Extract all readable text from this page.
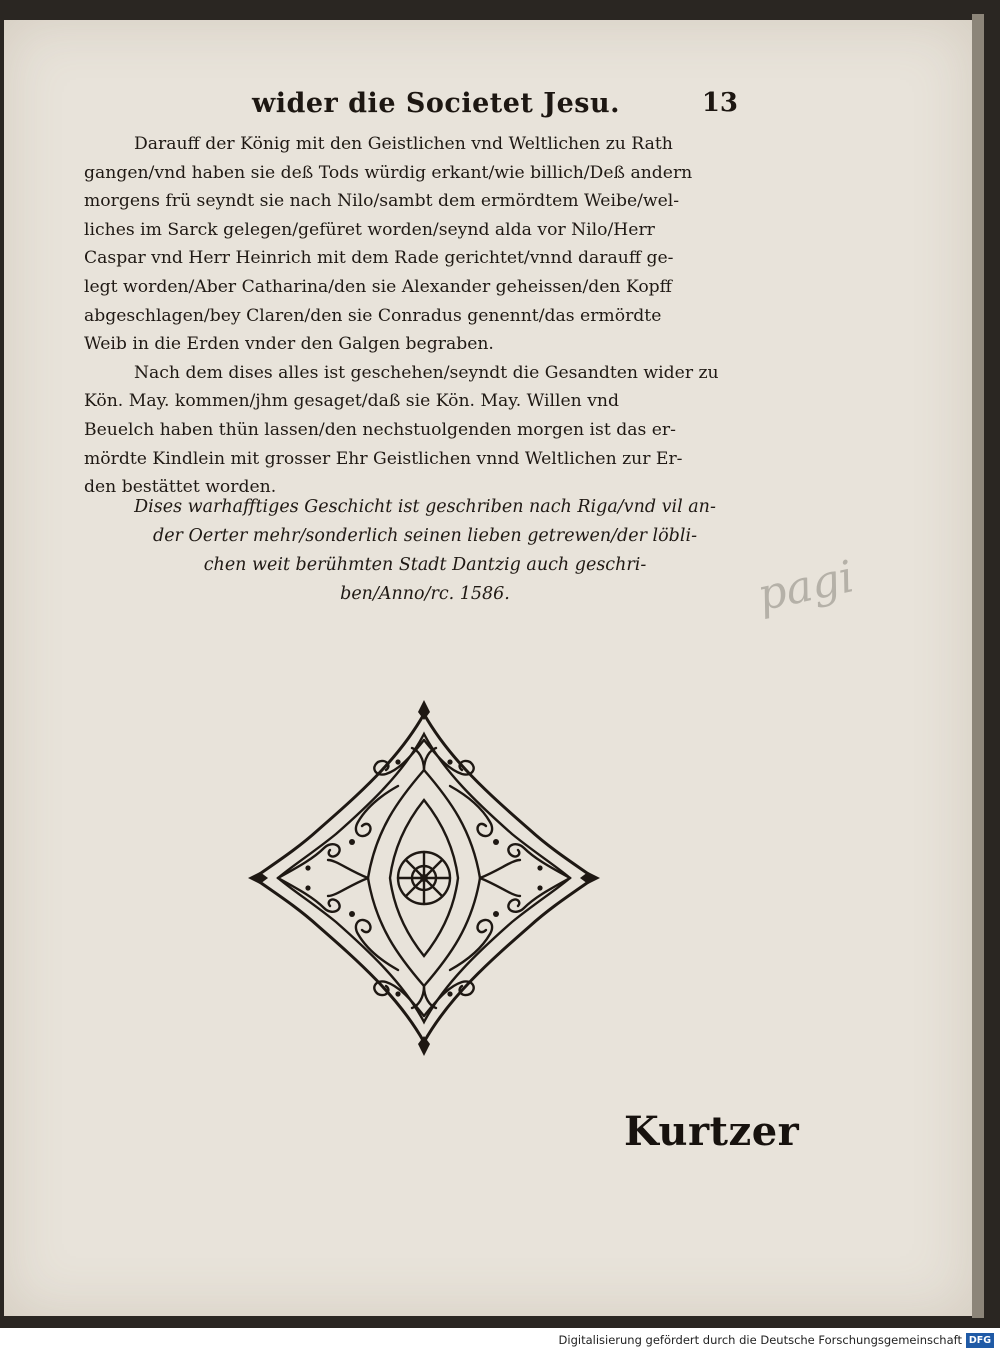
wider die Societet Jesu.	13

Darauff der König mit den Geistlichen vnd Weltlichen zu Rath
gangen/vnd haben sie deß Tods würdig erkant/wie billich/Deß andern
morgens frü seyndt sie nach Nilo/sambt dem ermördtem Weibe/wel-
liches im Sarck gelegen/gefüret worden/seynd alda vor Nilo/Herr
Caspar vnd Herr Heinrich mit dem Rade gerichtet/vnnd darauff ge-
legt worden/Aber Catharina/den sie Alexander geheissen/den Kopff
abgeschlagen/bey Claren/den sie Conradus genennt/das ermördte
Weib in die Erden vnder den Galgen begraben.

Nach dem dises alles ist geschehen/seyndt die Gesandten wider zu
Kön. May. kommen/jhm gesaget/daß sie Kön. May. Willen vnd
Beuelch haben thün lassen/den nechstuolgenden morgen ist das er-
mördte Kindlein mit grosser Ehr Geistlichen vnnd Weltlichen zur Er-
den bestättet worden.

Dises warhafftiges Geschicht ist geschriben nach Riga/vnd vil an-
der Oerter mehr/sonderlich seinen lieben getrewen/der löbli-
chen weit berühmten Stadt Dantzig auch geschri-
ben/Anno/rc. 1586.	pagi
Kurtzer
Digitalisierung gefördert durch die Deutsche Forschungsgemeinschaft DFG
